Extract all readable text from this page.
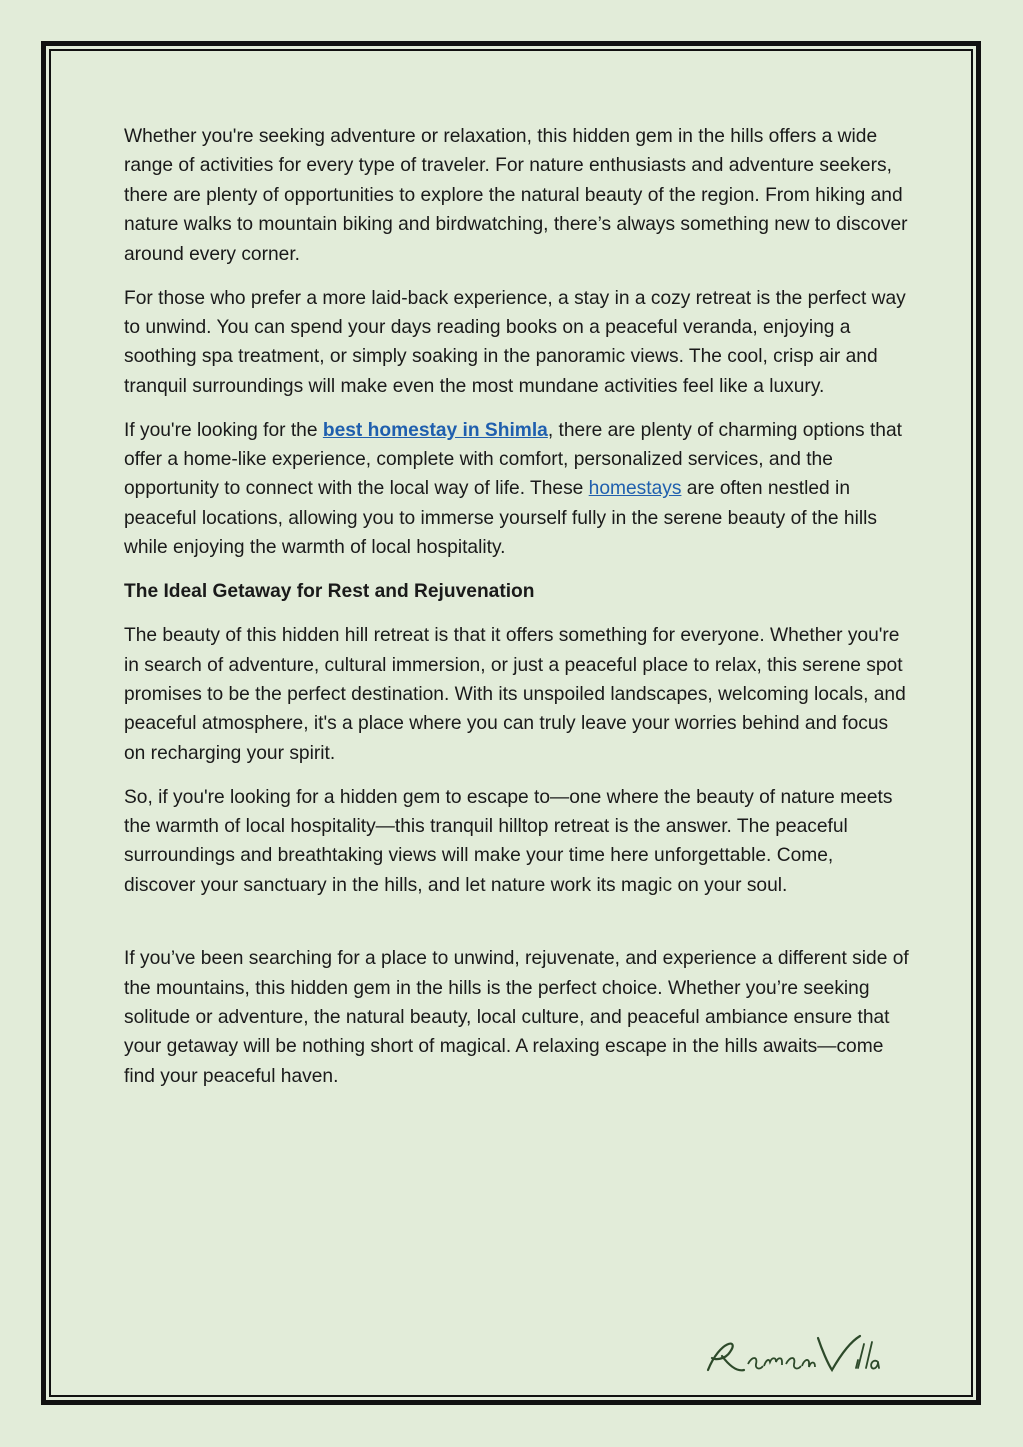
Whether you're seeking adventure or relaxation, this hidden gem in the hills offers a wide range of activities for every type of traveler. For nature enthusiasts and adventure seekers, there are plenty of opportunities to explore the natural beauty of the region. From hiking and nature walks to mountain biking and birdwatching, there’s always something new to discover around every corner.

For those who prefer a more laid-back experience, a stay in a cozy retreat is the perfect way to unwind. You can spend your days reading books on a peaceful veranda, enjoying a soothing spa treatment, or simply soaking in the panoramic views. The cool, crisp air and tranquil surroundings will make even the most mundane activities feel like a luxury.

If you're looking for the best homestay in Shimla, there are plenty of charming options that offer a home-like experience, complete with comfort, personalized services, and the opportunity to connect with the local way of life. These homestays are often nestled in peaceful locations, allowing you to immerse yourself fully in the serene beauty of the hills while enjoying the warmth of local hospitality.

The Ideal Getaway for Rest and Rejuvenation

The beauty of this hidden hill retreat is that it offers something for everyone. Whether you're in search of adventure, cultural immersion, or just a peaceful place to relax, this serene spot promises to be the perfect destination. With its unspoiled landscapes, welcoming locals, and peaceful atmosphere, it's a place where you can truly leave your worries behind and focus on recharging your spirit.

So, if you're looking for a hidden gem to escape to—one where the beauty of nature meets the warmth of local hospitality—this tranquil hilltop retreat is the answer. The peaceful surroundings and breathtaking views will make your time here unforgettable. Come, discover your sanctuary in the hills, and let nature work its magic on your soul.

If you’ve been searching for a place to unwind, rejuvenate, and experience a different side of the mountains, this hidden gem in the hills is the perfect choice. Whether you’re seeking solitude or adventure, the natural beauty, local culture, and peaceful ambiance ensure that your getaway will be nothing short of magical. A relaxing escape in the hills awaits—come find your peaceful haven.
